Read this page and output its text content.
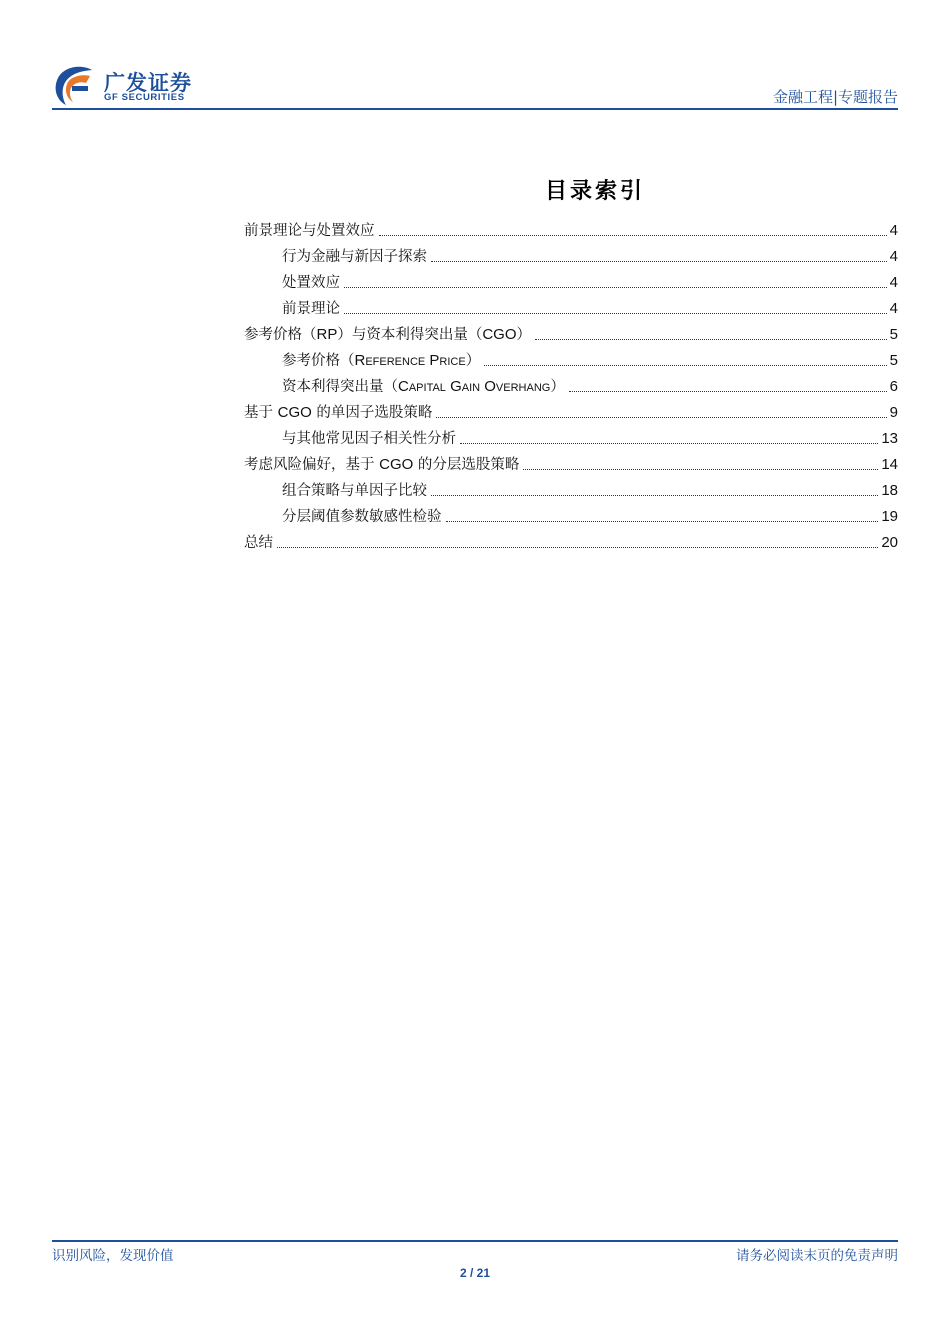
广发证券
GF SECURITIES	金融工程|专题报告
目录索引
前景理论与处置效应	4
行为金融与新因子探索	4
处置效应	4
前景理论	4
参考价格（RP）与资本利得突出量（CGO）	5
参考价格（Reference Price）	5
资本利得突出量（Capital Gain Overhang）	6
基于 CGO 的单因子选股策略	9
与其他常见因子相关性分析	13
考虑风险偏好，基于 CGO 的分层选股策略	14
组合策略与单因子比较	18
分层阈值参数敏感性检验	19
总结	20
识别风险，发现价值	请务必阅读末页的免责声明
2 / 21
